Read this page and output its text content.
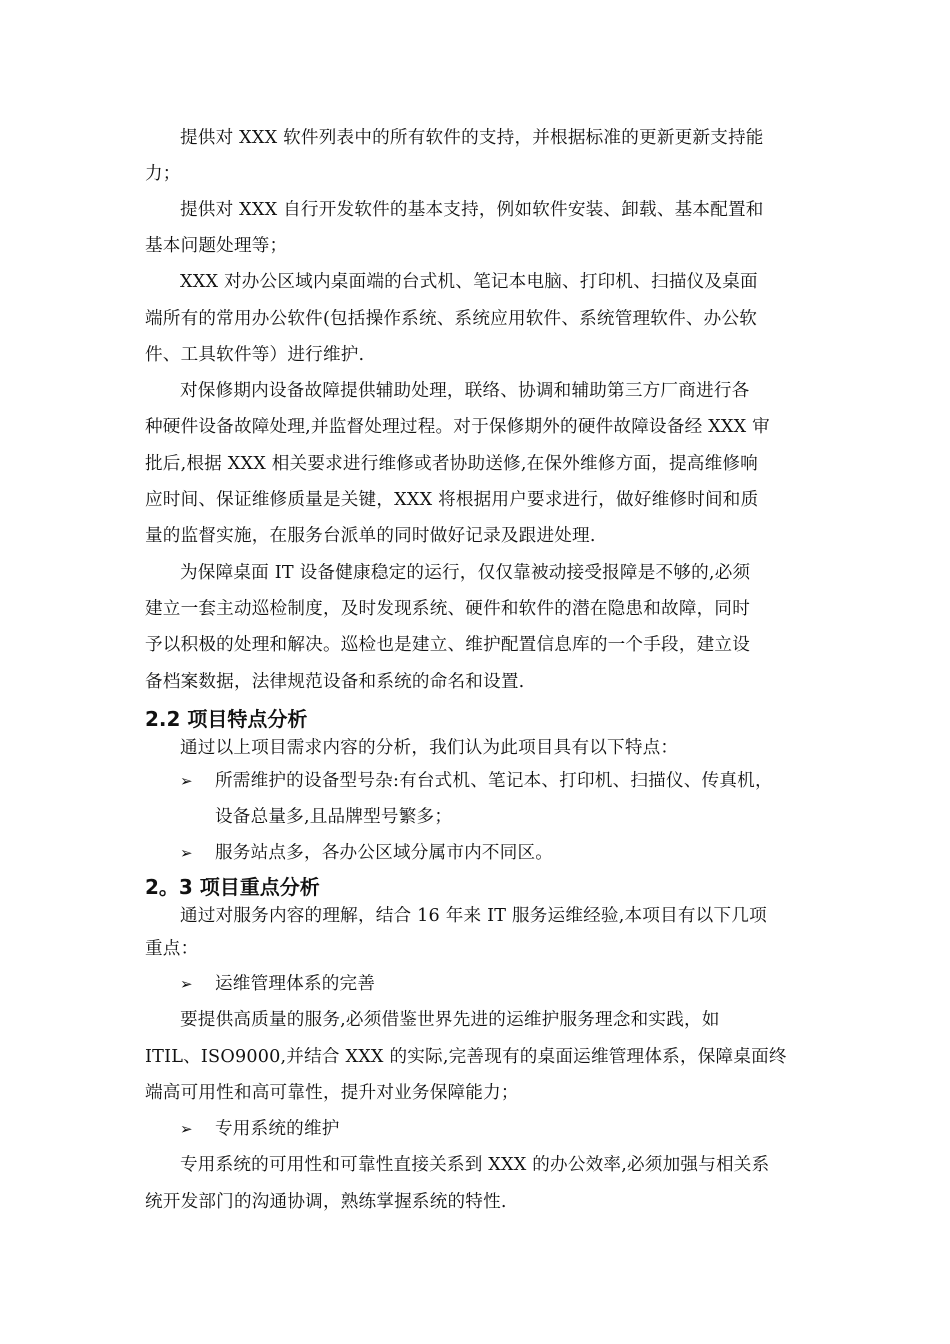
提供对 XXX 软件列表中的所有软件的支持，并根据标准的更新更新支持能
力；
提供对 XXX 自行开发软件的基本支持，例如软件安装、卸载、基本配置和
基本问题处理等；
XXX 对办公区域内桌面端的台式机、笔记本电脑、打印机、扫描仪及桌面
端所有的常用办公软件(包括操作系统、系统应用软件、系统管理软件、办公软
件、工具软件等）进行维护.
对保修期内设备故障提供辅助处理，联络、协调和辅助第三方厂商进行各
种硬件设备故障处理,并监督处理过程。对于保修期外的硬件故障设备经 XXX 审
批后,根据 XXX 相关要求进行维修或者协助送修,在保外维修方面，提高维修响
应时间、保证维修质量是关键，XXX 将根据用户要求进行，做好维修时间和质
量的监督实施，在服务台派单的同时做好记录及跟进处理.
为保障桌面 IT 设备健康稳定的运行，仅仅靠被动接受报障是不够的,必须
建立一套主动巡检制度，及时发现系统、硬件和软件的潜在隐患和故障，同时
予以积极的处理和解决。巡检也是建立、维护配置信息库的一个手段，建立设
备档案数据，法律规范设备和系统的命名和设置.
2.2 项目特点分析
通过以上项目需求内容的分析，我们认为此项目具有以下特点：
➢ 所需维护的设备型号杂:有台式机、笔记本、打印机、扫描仪、传真机，
设备总量多,且品牌型号繁多；
➢ 服务站点多，各办公区域分属市内不同区。
2。3 项目重点分析
通过对服务内容的理解，结合 16 年来 IT 服务运维经验,本项目有以下几项
重点：
➢ 运维管理体系的完善
要提供高质量的服务,必须借鉴世界先进的运维护服务理念和实践，如
ITIL、ISO9000,并结合 XXX 的实际,完善现有的桌面运维管理体系，保障桌面终
端高可用性和高可靠性，提升对业务保障能力；
➢ 专用系统的维护
专用系统的可用性和可靠性直接关系到 XXX 的办公效率,必须加强与相关系
统开发部门的沟通协调，熟练掌握系统的特性.
